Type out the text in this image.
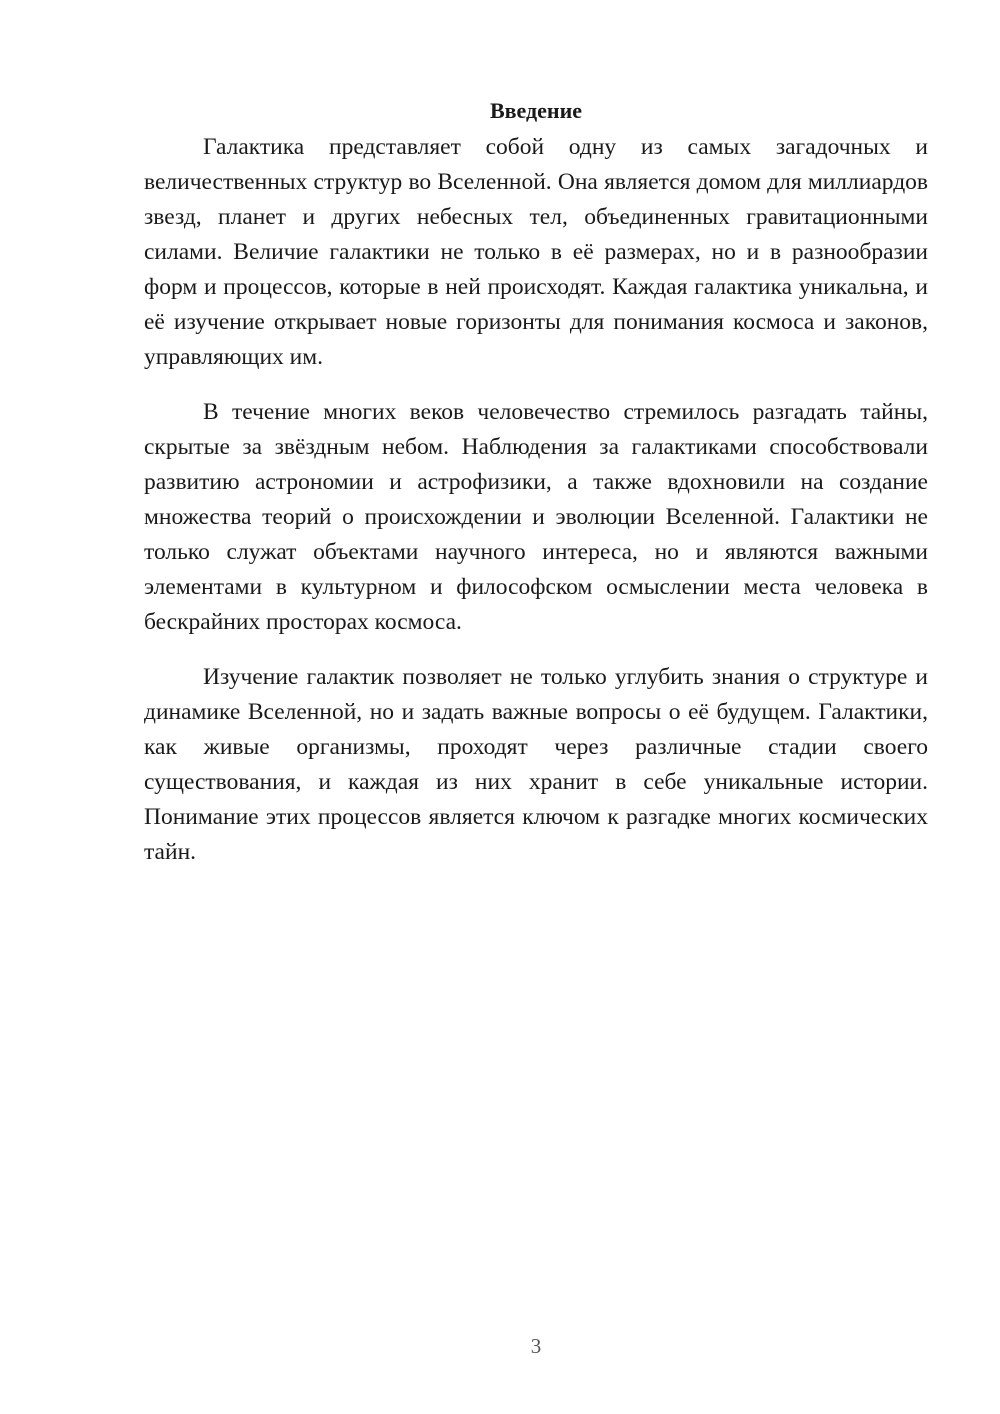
Введение

Галактика представляет собой одну из самых загадочных и величественных структур во Вселенной. Она является домом для миллиардов звезд, планет и других небесных тел, объединенных гравитационными силами. Величие галактики не только в её размерах, но и в разнообразии форм и процессов, которые в ней происходят. Каждая галактика уникальна, и её изучение открывает новые горизонты для понимания космоса и законов, управляющих им.

В течение многих веков человечество стремилось разгадать тайны, скрытые за звёздным небом. Наблюдения за галактиками способствовали развитию астрономии и астрофизики, а также вдохновили на создание множества теорий о происхождении и эволюции Вселенной. Галактики не только служат объектами научного интереса, но и являются важными элементами в культурном и философском осмыслении места человека в бескрайних просторах космоса.

Изучение галактик позволяет не только углубить знания о структуре и динамике Вселенной, но и задать важные вопросы о её будущем. Галактики, как живые организмы, проходят через различные стадии своего существования, и каждая из них хранит в себе уникальные истории. Понимание этих процессов является ключом к разгадке многих космических тайн.

3
